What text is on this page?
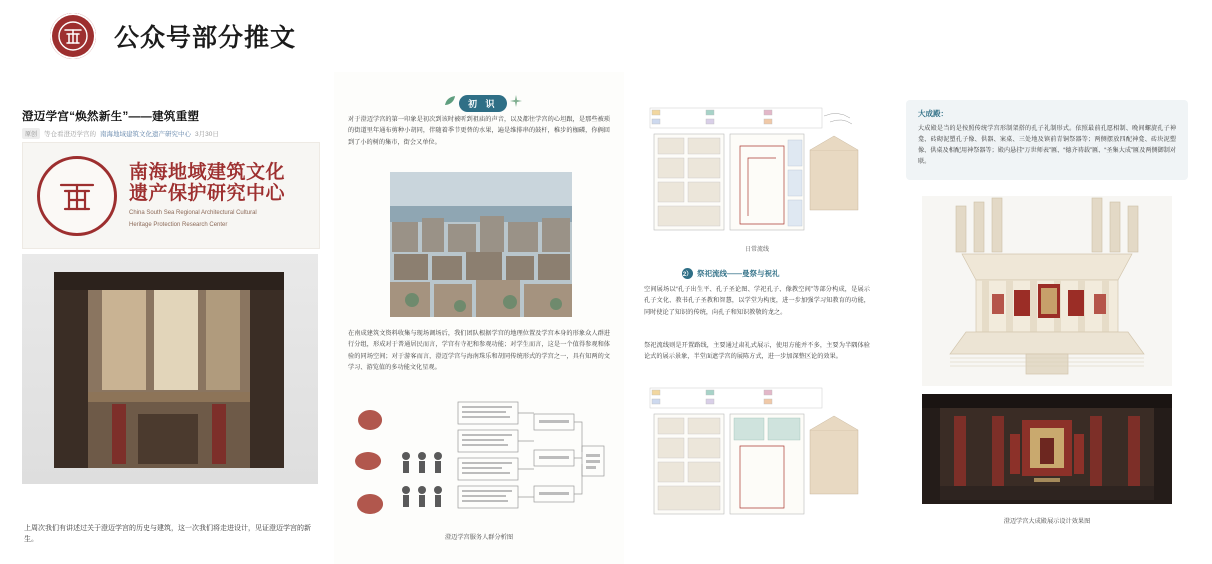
公众号部分推文
澄迈学宫“焕然新生”——建筑重塑
原创	等仓看澄迈学宫的 南海地域建筑文化遗产研究中心 3月30日
南海地域建筑文化
遗产保护研究中心
China South Sea Regional Architectural Cultural
Heritage Protection Research Center
上周次我们有讲述过关于澄迈学宫的历史与建筑，这一次我们将走进设计，见证澄迈学宫的新生。
初 识
对于澄迈学宫的第一印象是初次到该时被听到祖庙的声音，以及都往学宫的心坦跟，是那些被琐的街道里年通布剪种小胡同，伴随着季节更替的水果，遍是维排串的鼓杆，稚步的枷磷，你俩回到了小的树的集市，街会又单位。
在南成建筑文资料收集与现场调场后，我们团队根据学宫的地理位置及学宫本身的形象众人群进行分组，形成对于普通居民而言，学宫有寺祀和参观功能；对学生而言，这是一个值得参观和体验的同场空间；对于游客而言，澄迈学宫与海南珠乐和胡同传统形式的学宫之一，具有知两的文学习、游览值的多功能文化星观。
澄迈学宫服务人群分析图
日常流线
2） 祭祀流线——曼祭与祝礼
空间展场以“孔子出生平、孔子圣论图、学祀孔子、像教空间”等部分构成，是展示孔子文化、教书孔子圣教和智慧，以学堂为构度，进一步加强学习知教育的功能，同时使论了知识的传统，向孔子和知识教敬的龙之。
祭祀流线则是开置路线，主要通过肃礼式展示，使用方能并不多，主要为半隅体验论式的展示景象，半堂面遮学宫的展陈方式，进一步加深整区论的效果。
大成殿：
大成殿是当的是按照传统学宫形制架搭的孔子礼制形式。依照最前孔愿相制、晚间螺旋孔子神龛、砖砌泥塑孔子像、供器、案桌、三处地及镇前青铜祭器等；两侧摆放四配神龛、砖块泥塑像、供桌及相配用神祭器等；殿内悬挂“万世师表”匾、“德齐祷载”匾、“圣集大成”匾及两侧御制对联。
澄迈学宫大成殿展示设计效果图
